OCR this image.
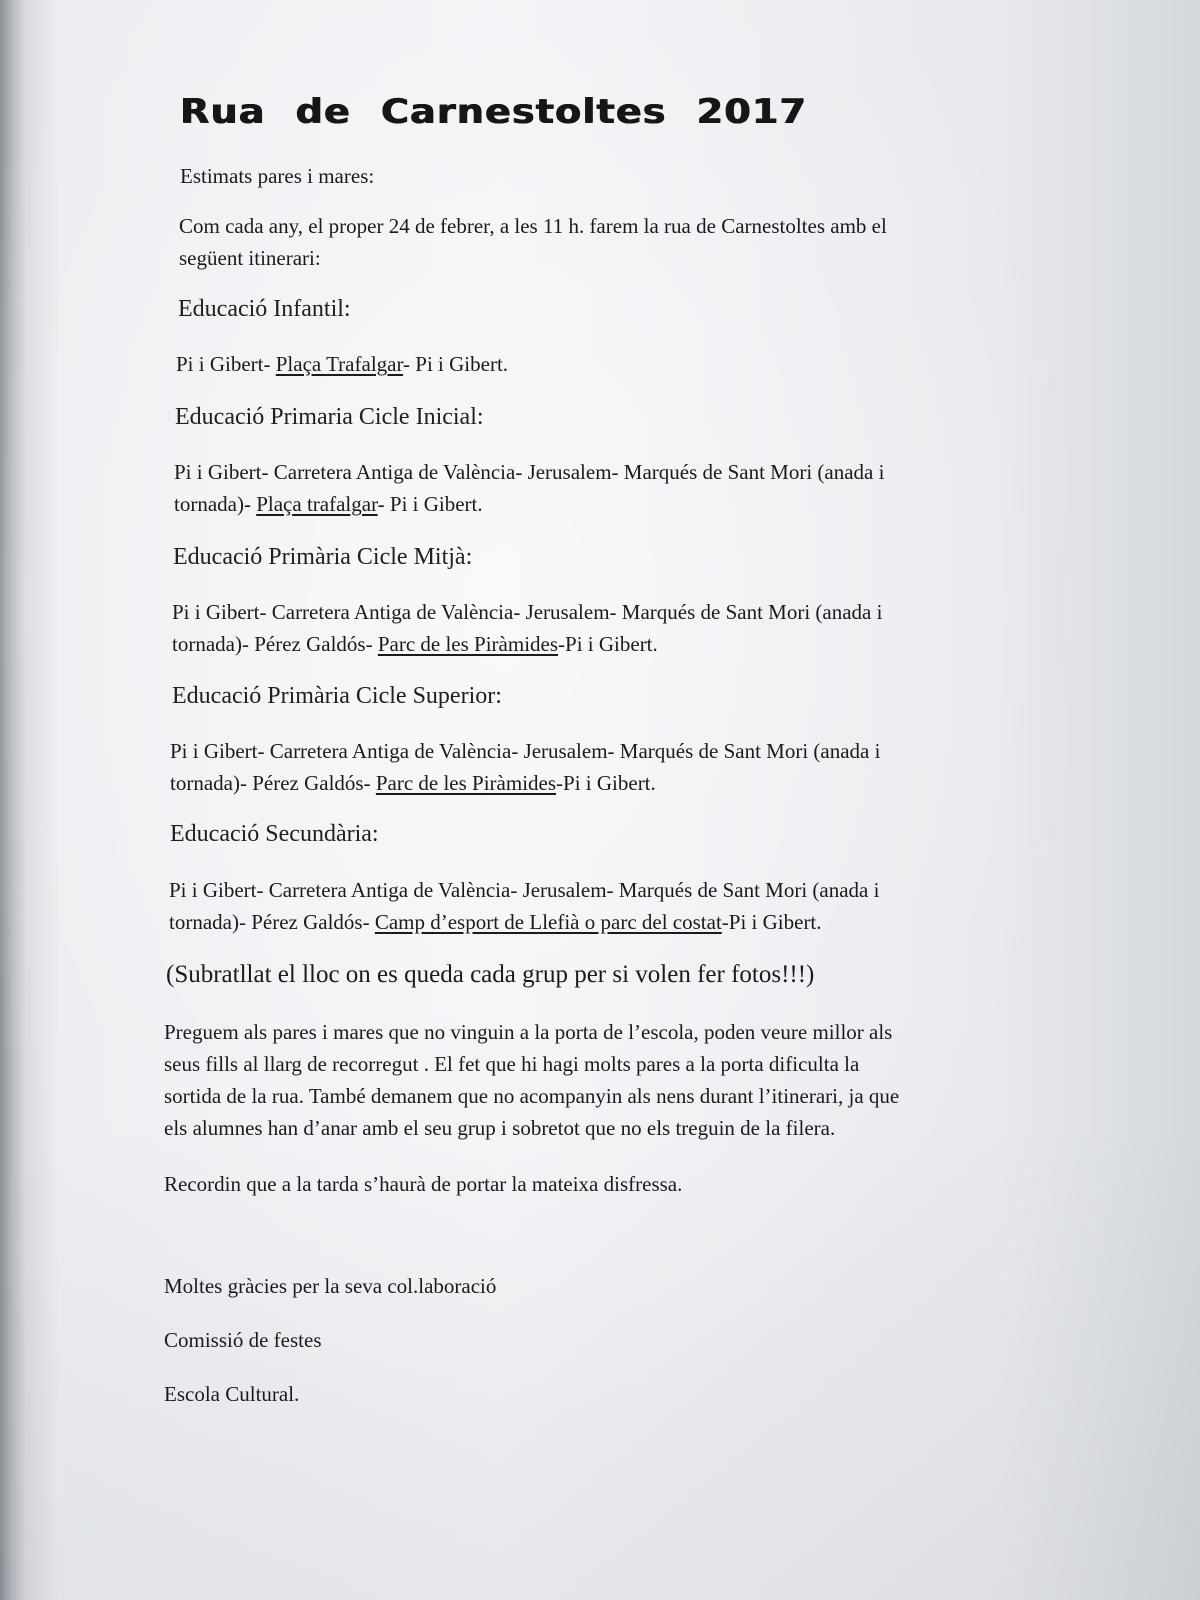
Rua de Carnestoltes 2017

Estimats pares i mares:

Com cada any, el proper 24 de febrer, a les 11 h. farem la rua de Carnestoltes amb el

següent itinerari:

Educació Infantil:

Pi i Gibert- Plaça Trafalgar- Pi i Gibert.

Educació Primaria Cicle Inicial:

Pi i Gibert- Carretera Antiga de València- Jerusalem- Marqués de Sant Mori (anada i

tornada)- Plaça trafalgar- Pi i Gibert.

Educació Primària Cicle Mitjà:

Pi i Gibert- Carretera Antiga de València- Jerusalem- Marqués de Sant Mori (anada i

tornada)- Pérez Galdós- Parc de les Piràmides-Pi i Gibert.

Educació Primària Cicle Superior:

Pi i Gibert- Carretera Antiga de València- Jerusalem- Marqués de Sant Mori (anada i

tornada)- Pérez Galdós- Parc de les Piràmides-Pi i Gibert.

Educació Secundària:

Pi i Gibert- Carretera Antiga de València- Jerusalem- Marqués de Sant Mori (anada i

tornada)- Pérez Galdós- Camp d’esport de Llefià o parc del costat-Pi i Gibert.

(Subratllat el lloc on es queda cada grup per si volen fer fotos!!!)

Preguem als pares i mares que no vinguin a la porta de l’escola, poden veure millor als

seus fills al llarg de recorregut . El fet que hi hagi molts pares a la porta dificulta la

sortida de la rua. També demanem que no acompanyin als nens durant l’itinerari, ja que

els alumnes han d’anar amb el seu grup i sobretot que no els treguin de la filera.

Recordin que a la tarda s’haurà de portar la mateixa disfressa.

Moltes gràcies per la seva col.laboració

Comissió de festes

Escola Cultural.
